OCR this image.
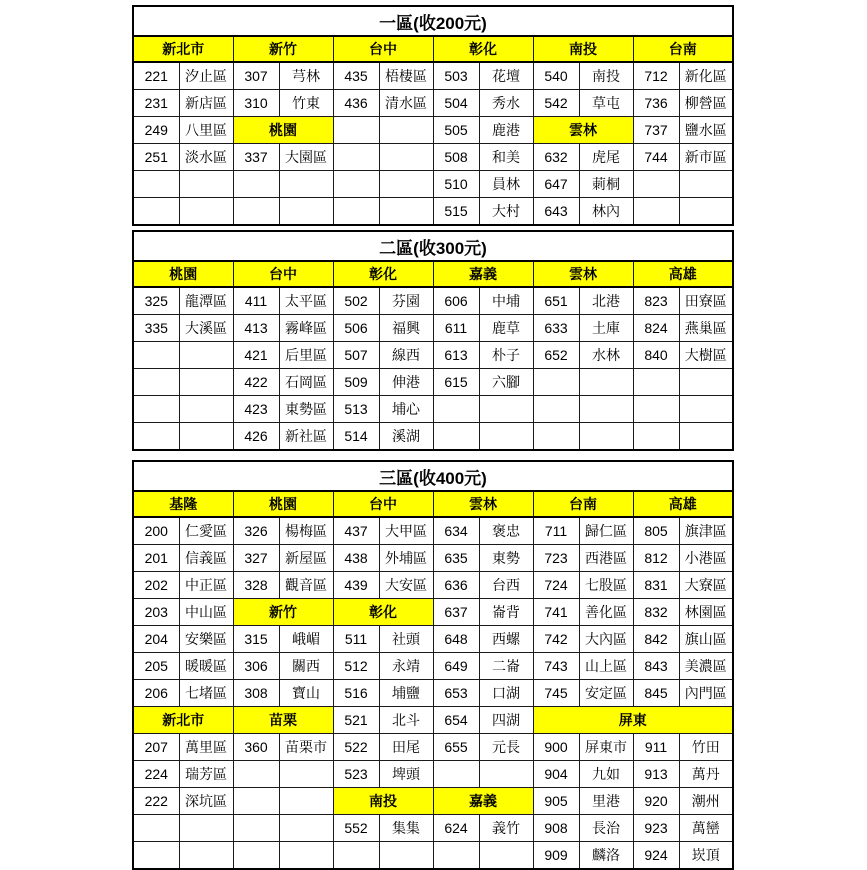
一區(收200元)											
新北市		新竹		台中		彰化		南投		台南	
221	汐止區	307	芎林	435	梧棲區	503	花壇	540	南投	712	新化區
231	新店區	310	竹東	436	清水區	504	秀水	542	草屯	736	柳營區
249	八里區	桃園				505	鹿港	雲林		737	鹽水區
251	淡水區	337	大園區			508	和美	632	虎尾	744	新市區
						510	員林	647	莿桐		
						515	大村	643	林內		
二區(收300元)											
桃園		台中		彰化		嘉義		雲林		高雄	
325	龍潭區	411	太平區	502	芬園	606	中埔	651	北港	823	田寮區
335	大溪區	413	霧峰區	506	福興	611	鹿草	633	土庫	824	燕巢區
		421	后里區	507	線西	613	朴子	652	水林	840	大樹區
		422	石岡區	509	伸港	615	六腳				
		423	東勢區	513	埔心						
		426	新社區	514	溪湖						
三區(收400元)											
基隆		桃園		台中		雲林		台南		高雄	
200	仁愛區	326	楊梅區	437	大甲區	634	褒忠	711	歸仁區	805	旗津區
201	信義區	327	新屋區	438	外埔區	635	東勢	723	西港區	812	小港區
202	中正區	328	觀音區	439	大安區	636	台西	724	七股區	831	大寮區
203	中山區	新竹		彰化		637	崙背	741	善化區	832	林園區
204	安樂區	315	峨嵋	511	社頭	648	西螺	742	大內區	842	旗山區
205	暖暖區	306	關西	512	永靖	649	二崙	743	山上區	843	美濃區
206	七堵區	308	寶山	516	埔鹽	653	口湖	745	安定區	845	內門區
新北市		苗栗		521	北斗	654	四湖	屏東			
207	萬里區	360	苗栗市	522	田尾	655	元長	900	屏東市	911	竹田
224	瑞芳區			523	埤頭			904	九如	913	萬丹
222	深坑區			南投		嘉義		905	里港	920	潮州
				552	集集	624	義竹	908	長治	923	萬巒
								909	麟洛	924	崁頂
